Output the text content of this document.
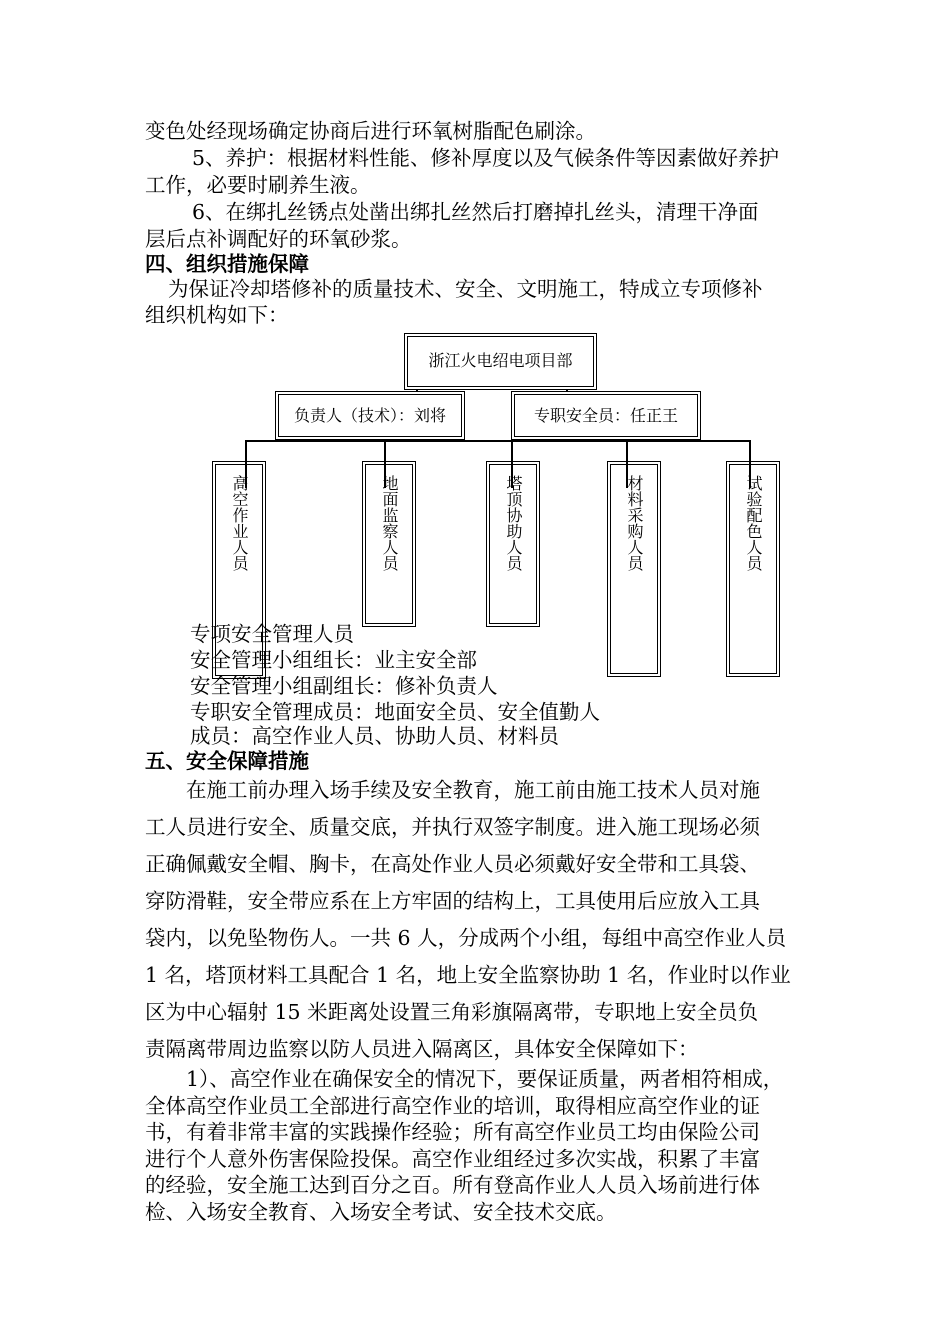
变色处经现场确定协商后进行环氧树脂配色刷涂。
5、养护：根据材料性能、修补厚度以及气候条件等因素做好养护
工作，必要时刷养生液。
6、在绑扎丝锈点处凿出绑扎丝然后打磨掉扎丝头，清理干净面
层后点补调配好的环氧砂浆。
四、组织措施保障
为保证冷却塔修补的质量技术、安全、文明施工，特成立专项修补
组织机构如下：
浙江火电绍电项目部
负责人（技术）：刘将	专职安全员：任正王
高空作业人员	地面监察人员	塔顶协助人员	材料采购人员	试验配色人员
专项安全管理人员
安全管理小组组长：业主安全部
安全管理小组副组长：修补负责人
专职安全管理成员：地面安全员、安全值勤人
成员：高空作业人员、协助人员、材料员
五、安全保障措施
　　在施工前办理入场手续及安全教育，施工前由施工技术人员对施
工人员进行安全、质量交底，并执行双签字制度。进入施工现场必须
正确佩戴安全帽、胸卡，在高处作业人员必须戴好安全带和工具袋、
穿防滑鞋，安全带应系在上方牢固的结构上，工具使用后应放入工具
袋内，以免坠物伤人。一共 6 人，分成两个小组，每组中高空作业人员
1 名，塔顶材料工具配合 1 名，地上安全监察协助 1 名，作业时以作业
区为中心辐射 15 米距离处设置三角彩旗隔离带，专职地上安全员负
责隔离带周边监察以防人员进入隔离区，具体安全保障如下：
　　1）、高空作业在确保安全的情况下，要保证质量，两者相符相成，
全体高空作业员工全部进行高空作业的培训，取得相应高空作业的证
书，有着非常丰富的实践操作经验；所有高空作业员工均由保险公司
进行个人意外伤害保险投保。高空作业组经过多次实战，积累了丰富
的经验，安全施工达到百分之百。所有登高作业人人员入场前进行体
检、入场安全教育、入场安全考试、安全技术交底。
